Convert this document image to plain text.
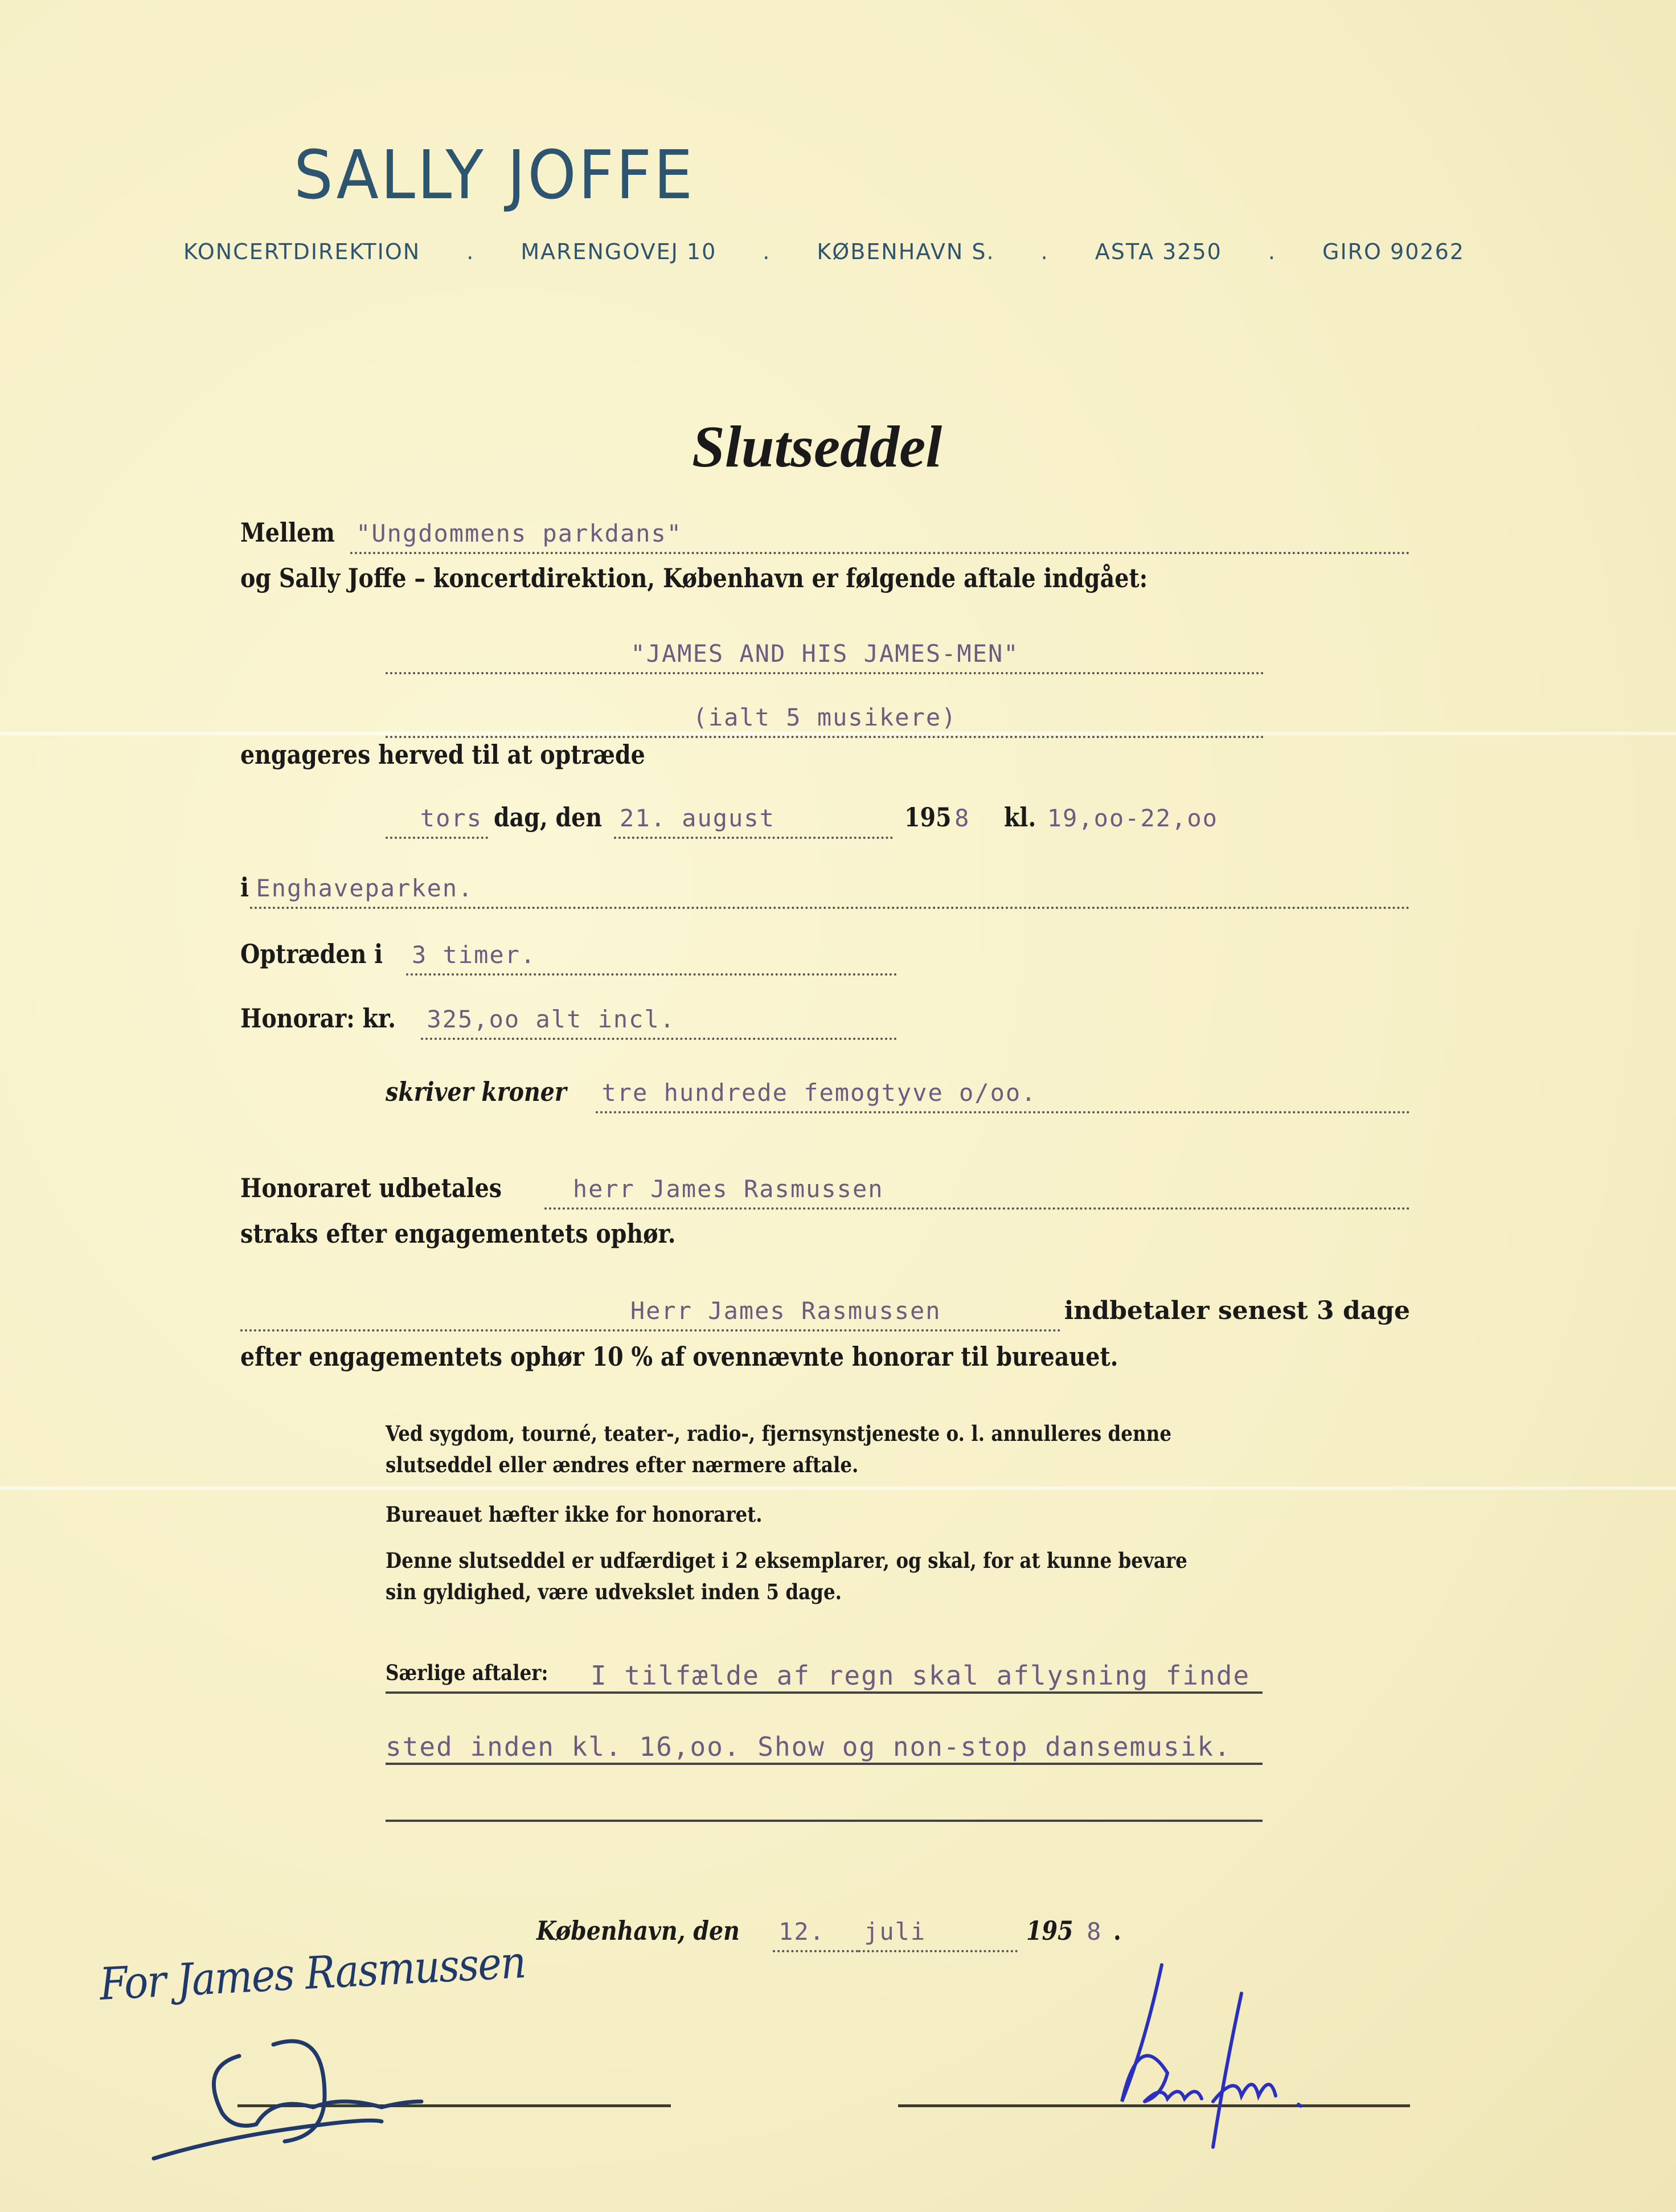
SALLY JOFFE
KONCERTDIREKTION . MARENGOVEJ 10 . KØBENHAVN S. . ASTA 3250 . GIRO 90262
Slutseddel
Mellem "Ungdommens parkdans"
og Sally Joffe – koncertdirektion, København er følgende aftale indgået:
"JAMES AND HIS JAMES-MEN"
(ialt 5 musikere)
engageres herved til at optræde
tors dag, den 21. august	195 8 kl. 19,oo-22,oo
i Enghaveparken.
Optræden i 3 timer.
Honorar: kr. 325,oo alt incl.
skriver kroner tre hundrede femogtyve o/oo.
Honoraret udbetales	herr James Rasmussen
straks efter engagementets ophør.
Herr James Rasmussen	indbetaler senest 3 dage
efter engagementets ophør 10 % af ovennævnte honorar til bureauet.
Ved sygdom, tourné, teater-, radio-, fjernsynstjeneste o. l. annulleres denne
slutseddel eller ændres efter nærmere aftale.
Bureauet hæfter ikke for honoraret.
Denne slutseddel er udfærdiget i 2 eksemplarer, og skal, for at kunne bevare
sin gyldighed, være udvekslet inden 5 dage.
Særlige aftaler: I tilfælde af regn skal aflysning finde
sted inden kl. 16,oo. Show og non-stop dansemusik.
København, den 12. juli	195 8 .
For James Rasmussen
